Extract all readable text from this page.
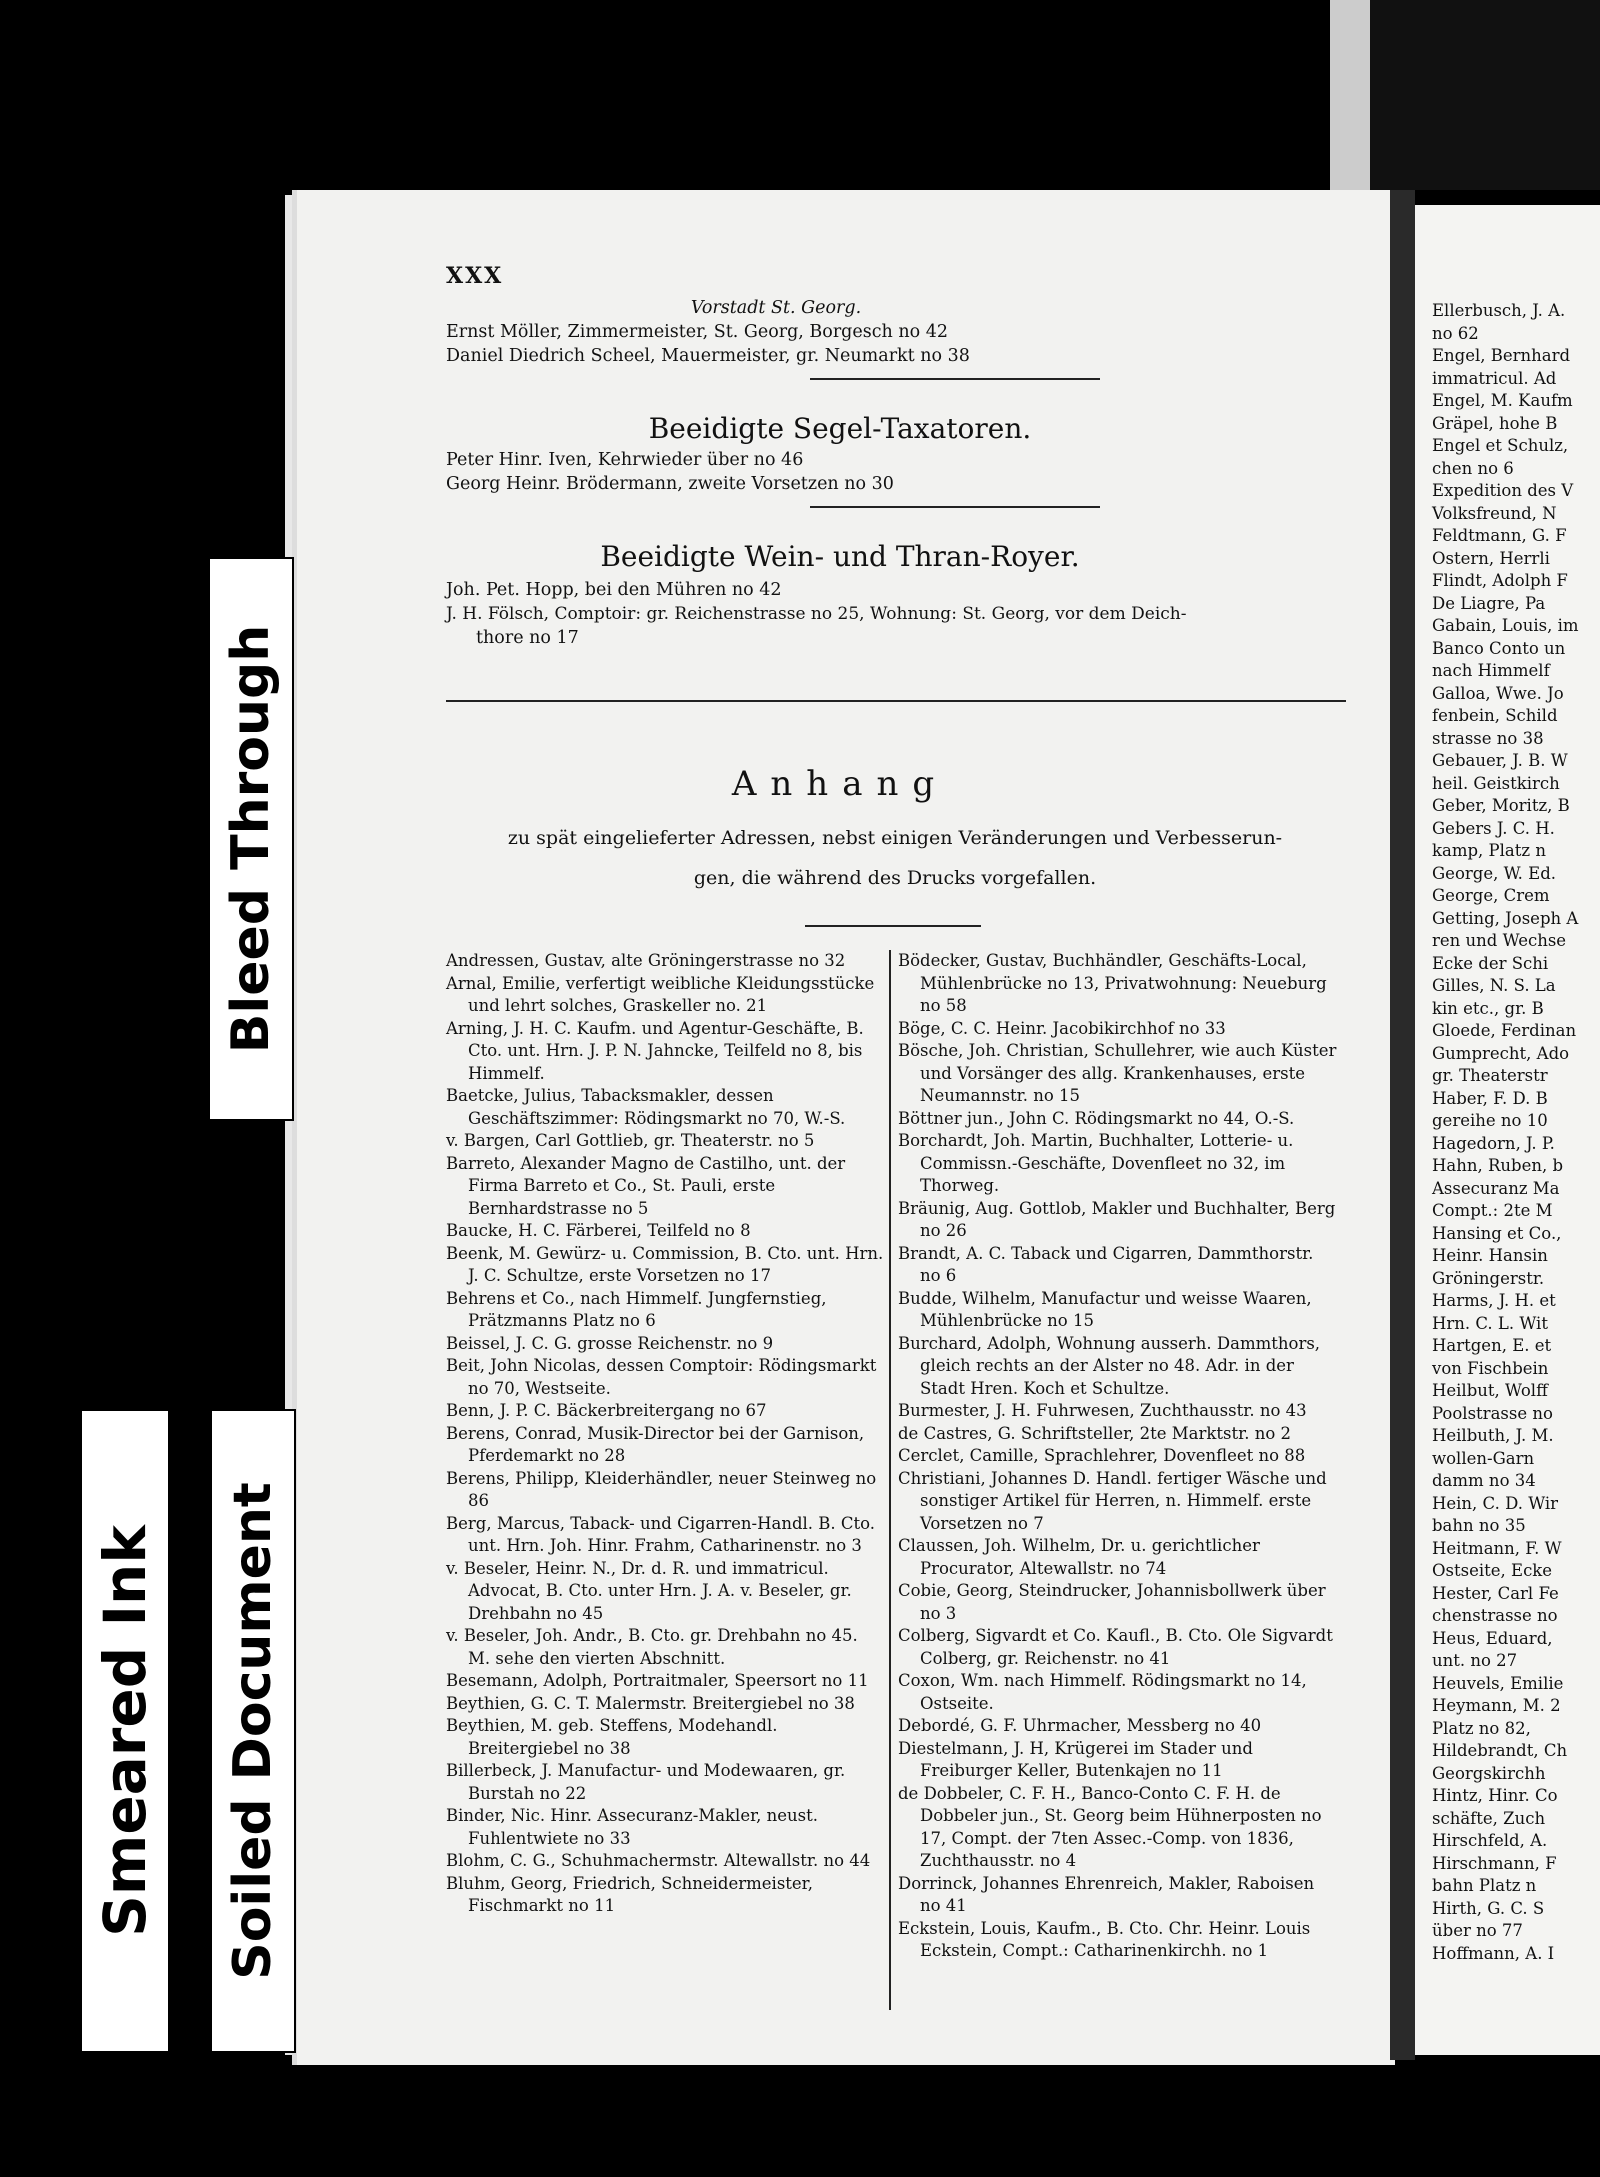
XXX
Vorstadt St. Georg.
Ernst Möller, Zimmermeister, St. Georg, Borgesch no 42
Daniel Diedrich Scheel, Mauermeister, gr. Neumarkt no 38
Beeidigte Segel-Taxatoren.
Peter Hinr. Iven, Kehrwieder über no 46
Georg Heinr. Brödermann, zweite Vorsetzen no 30
Beeidigte Wein- und Thran-Royer.
Joh. Pet. Hopp, bei den Mühren no 42
J. H. Fölsch, Comptoir: gr. Reichenstrasse no 25, Wohnung: St. Georg, vor dem Deich-
thore no 17
Anhang
zu spät eingelieferter Adressen, nebst einigen Veränderungen und Verbesserun-
gen, die während des Drucks vorgefallen.

Andressen, Gustav, alte Gröningerstrasse no 32

Arnal, Emilie, verfertigt weibliche Kleidungsstücke und lehrt solches, Graskeller no. 21

Arning, J. H. C. Kaufm. und Agentur-Geschäfte, B. Cto. unt. Hrn. J. P. N. Jahncke, Teilfeld no 8, bis Himmelf.

Baetcke, Julius, Tabacksmakler, dessen Geschäftszimmer: Rödingsmarkt no 70, W.-S.

v. Bargen, Carl Gottlieb, gr. Theaterstr. no 5

Barreto, Alexander Magno de Castilho, unt. der Firma Barreto et Co., St. Pauli, erste Bernhardstrasse no 5

Baucke, H. C. Färberei, Teilfeld no 8

Beenk, M. Gewürz- u. Commission, B. Cto. unt. Hrn. J. C. Schultze, erste Vorsetzen no 17

Behrens et Co., nach Himmelf. Jungfernstieg, Prätzmanns Platz no 6

Beissel, J. C. G. grosse Reichenstr. no 9

Beit, John Nicolas, dessen Comptoir: Rödingsmarkt no 70, Westseite.

Benn, J. P. C. Bäckerbreitergang no 67

Berens, Conrad, Musik-Director bei der Garnison, Pferdemarkt no 28

Berens, Philipp, Kleiderhändler, neuer Steinweg no 86

Berg, Marcus, Taback- und Cigarren-Handl. B. Cto. unt. Hrn. Joh. Hinr. Frahm, Catharinenstr. no 3

v. Beseler, Heinr. N., Dr. d. R. und immatricul. Advocat, B. Cto. unter Hrn. J. A. v. Beseler, gr. Drehbahn no 45

v. Beseler, Joh. Andr., B. Cto. gr. Drehbahn no 45. M. sehe den vierten Abschnitt.

Besemann, Adolph, Portraitmaler, Speersort no 11

Beythien, G. C. T. Malermstr. Breitergiebel no 38

Beythien, M. geb. Steffens, Modehandl. Breitergiebel no 38

Billerbeck, J. Manufactur- und Modewaaren, gr. Burstah no 22

Binder, Nic. Hinr. Assecuranz-Makler, neust. Fuhlentwiete no 33

Blohm, C. G., Schuhmachermstr. Altewallstr. no 44

Bluhm, Georg, Friedrich, Schneidermeister, Fischmarkt no 11

Bödecker, Gustav, Buchhändler, Geschäfts-Local, Mühlenbrücke no 13, Privatwohnung: Neueburg no 58

Böge, C. C. Heinr. Jacobikirchhof no 33

Bösche, Joh. Christian, Schullehrer, wie auch Küster und Vorsänger des allg. Krankenhauses, erste Neumannstr. no 15

Böttner jun., John C. Rödingsmarkt no 44, O.-S.

Borchardt, Joh. Martin, Buchhalter, Lotterie- u. Commissn.-Geschäfte, Dovenfleet no 32, im Thorweg.

Bräunig, Aug. Gottlob, Makler und Buchhalter, Berg no 26

Brandt, A. C. Taback und Cigarren, Dammthorstr. no 6

Budde, Wilhelm, Manufactur und weisse Waaren, Mühlenbrücke no 15

Burchard, Adolph, Wohnung ausserh. Dammthors, gleich rechts an der Alster no 48. Adr. in der Stadt Hren. Koch et Schultze.

Burmester, J. H. Fuhrwesen, Zuchthausstr. no 43

de Castres, G. Schriftsteller, 2te Marktstr. no 2

Cerclet, Camille, Sprachlehrer, Dovenfleet no 88

Christiani, Johannes D. Handl. fertiger Wäsche und sonstiger Artikel für Herren, n. Himmelf. erste Vorsetzen no 7

Claussen, Joh. Wilhelm, Dr. u. gerichtlicher Procurator, Altewallstr. no 74

Cobie, Georg, Steindrucker, Johannisbollwerk über no 3

Colberg, Sigvardt et Co. Kaufl., B. Cto. Ole Sigvardt Colberg, gr. Reichenstr. no 41

Coxon, Wm. nach Himmelf. Rödingsmarkt no 14, Ostseite.

Debordé, G. F. Uhrmacher, Messberg no 40

Diestelmann, J. H, Krügerei im Stader und Freiburger Keller, Butenkajen no 11

de Dobbeler, C. F. H., Banco-Conto C. F. H. de Dobbeler jun., St. Georg beim Hühnerposten no 17, Compt. der 7ten Assec.-Comp. von 1836, Zuchthausstr. no 4

Dorrinck, Johannes Ehrenreich, Makler, Raboisen no 41

Eckstein, Louis, Kaufm., B. Cto. Chr. Heinr. Louis Eckstein, Compt.: Catharinenkirchh. no 1

Ellerbusch, J. A.

no 62

Engel, Bernhard

immatricul. Ad

Engel, M. Kaufm

Gräpel, hohe B

Engel et Schulz,

chen no 6

Expedition des V

Volksfreund, N

Feldtmann, G. F

Ostern, Herrli

Flindt, Adolph F

De Liagre, Pa

Gabain, Louis, im

Banco Conto un

nach Himmelf

Galloa, Wwe. Jo

fenbein, Schild

strasse no 38

Gebauer, J. B. W

heil. Geistkirch

Geber, Moritz, B

Gebers J. C. H.

kamp, Platz n

George, W. Ed.

George, Crem

Getting, Joseph A

ren und Wechse

Ecke der Schi

Gilles, N. S. La

kin etc., gr. B

Gloede, Ferdinan

Gumprecht, Ado

gr. Theaterstr

Haber, F. D. B

gereihe no 10

Hagedorn, J. P.

Hahn, Ruben, b

Assecuranz Ma

Compt.: 2te M

Hansing et Co.,

Heinr. Hansin

Gröningerstr.

Harms, J. H. et

Hrn. C. L. Wit

Hartgen, E. et

von Fischbein

Heilbut, Wolff

Poolstrasse no

Heilbuth, J. M.

wollen-Garn

damm no 34

Hein, C. D. Wir

bahn no 35

Heitmann, F. W

Ostseite, Ecke

Hester, Carl Fe

chenstrasse no

Heus, Eduard,

unt. no 27

Heuvels, Emilie

Heymann, M. 2

Platz no 82,

Hildebrandt, Ch

Georgskirchh

Hintz, Hinr. Co

schäfte, Zuch

Hirschfeld, A.

Hirschmann, F

bahn Platz n

Hirth, G. C. S

über no 77

Hoffmann, A. I

Bleed Through
Smeared Ink Soiled Document
